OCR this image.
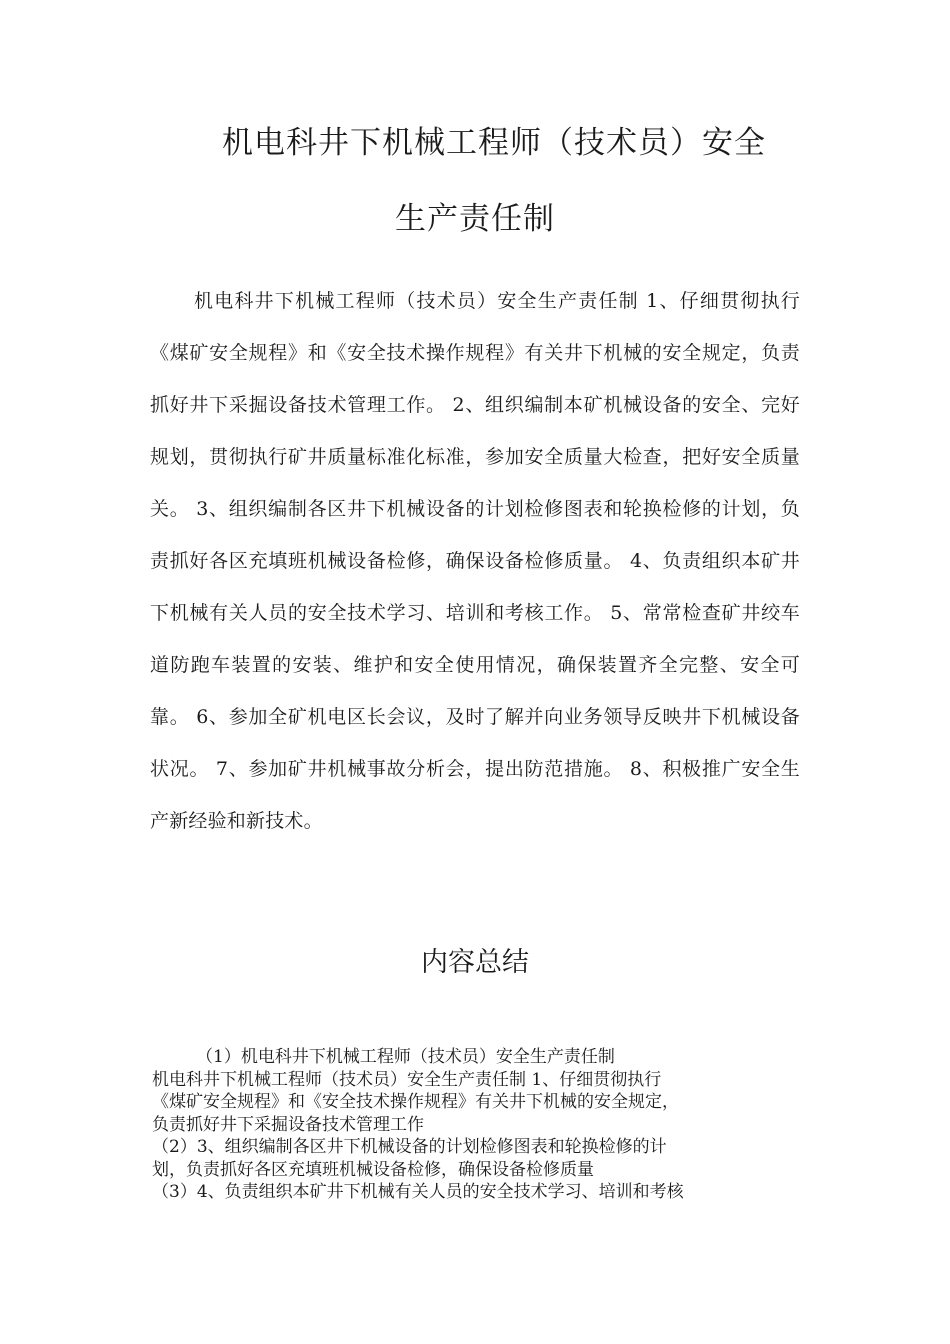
机电科井下机械工程师（技术员）安全
生产责任制

机电科井下机械工程师（技术员）安全生产责任制 1、仔细贯彻执行《煤矿安全规程》和《安全技术操作规程》有关井下机械的安全规定，负责抓好井下采掘设备技术管理工作。 2、组织编制本矿机械设备的安全、完好规划，贯彻执行矿井质量标准化标准，参加安全质量大检查，把好安全质量关。 3、组织编制各区井下机械设备的计划检修图表和轮换检修的计划，负责抓好各区充填班机械设备检修，确保设备检修质量。 4、负责组织本矿井下机械有关人员的安全技术学习、培训和考核工作。 5、常常检查矿井绞车道防跑车装置的安装、维护和安全使用情况，确保装置齐全完整、安全可靠。 6、参加全矿机电区长会议，及时了解并向业务领导反映井下机械设备状况。 7、参加矿井机械事故分析会，提出防范措施。 8、积极推广安全生产新经验和新技术。

内容总结
（1）机电科井下机械工程师（技术员）安全生产责任制
机电科井下机械工程师（技术员）安全生产责任制 1、仔细贯彻执行
《煤矿安全规程》和《安全技术操作规程》有关井下机械的安全规定，
负责抓好井下采掘设备技术管理工作
（2）3、组织编制各区井下机械设备的计划检修图表和轮换检修的计
划，负责抓好各区充填班机械设备检修，确保设备检修质量
（3）4、负责组织本矿井下机械有关人员的安全技术学习、培训和考核
